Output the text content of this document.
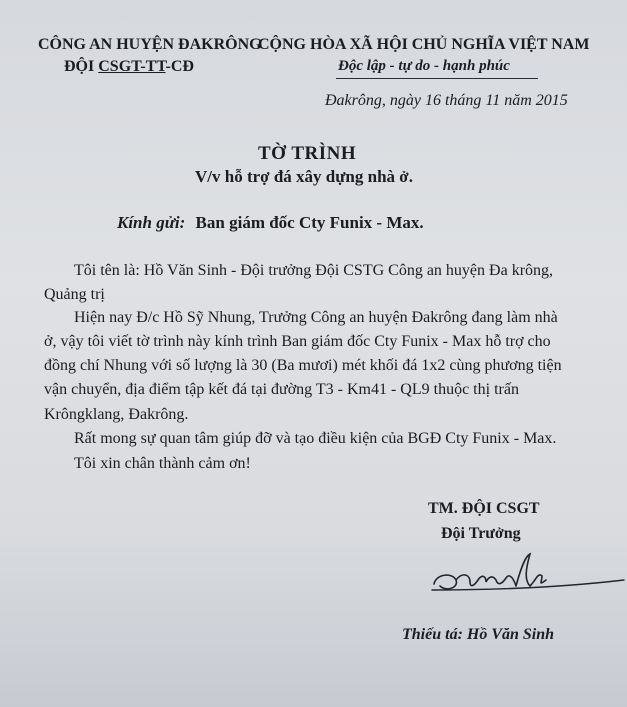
CÔNG AN HUYỆN ĐAKRÔNG
ĐỘI CSGT-TT-CĐ
CỘNG HÒA XÃ HỘI CHỦ NGHĨA VIỆT NAM
Độc lập - tự do - hạnh phúc
Đakrông, ngày 16 tháng 11 năm 2015
TỜ TRÌNH
V/v hỗ trợ đá xây dựng nhà ở.
Kính gửi: Ban giám đốc Cty Funix - Max.
Tôi tên là: Hồ Văn Sinh - Đội trưởng Đội CSTG Công an huyện Đa krông,
Quảng trị
Hiện nay Đ/c Hồ Sỹ Nhung, Trưởng Công an huyện Đakrông đang làm nhà
ở, vậy tôi viết tờ trình này kính trình Ban giám đốc Cty Funix - Max hỗ trợ cho
đồng chí Nhung với số lượng là 30 (Ba mươi) mét khối đá 1x2 cùng phương tiện
vận chuyển, địa điểm tập kết đá tại đường T3 - Km41 - QL9 thuộc thị trấn
Krôngklang, Đakrông.
Rất mong sự quan tâm giúp đỡ và tạo điều kiện của BGĐ Cty Funix - Max.
Tôi xin chân thành cảm ơn!
TM. ĐỘI CSGT
Đội Trưởng
Thiếu tá: Hồ Văn Sinh
